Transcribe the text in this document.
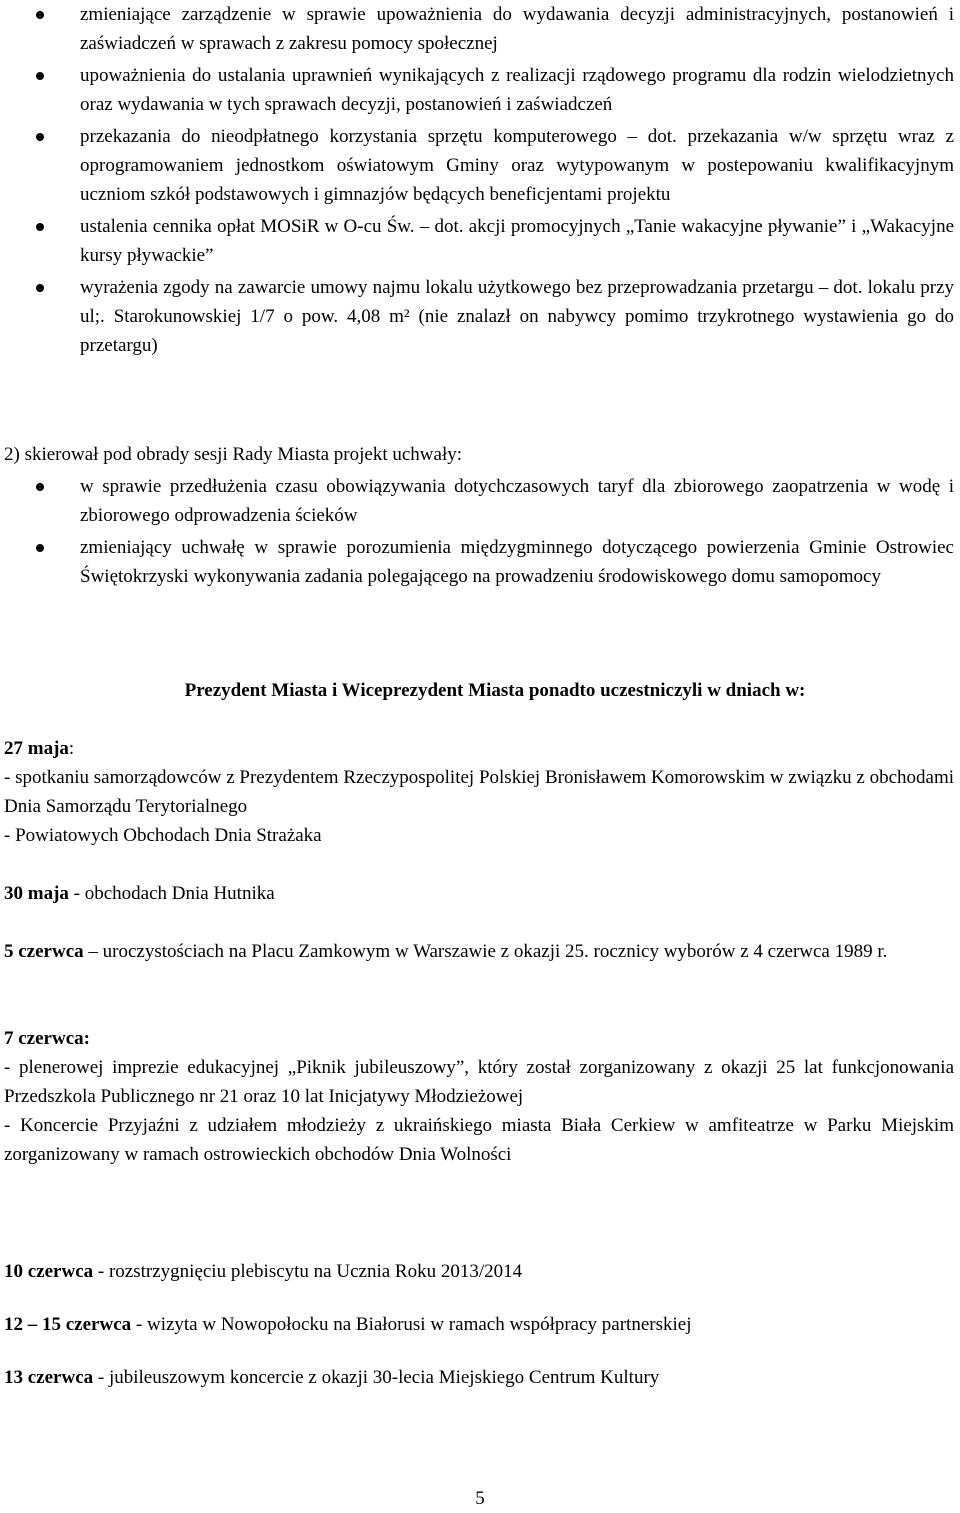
zmieniające zarządzenie w sprawie upoważnienia do wydawania decyzji administracyjnych, postanowień i zaświadczeń w sprawach z zakresu pomocy społecznej
upoważnienia do ustalania uprawnień wynikających z realizacji rządowego programu dla rodzin wielodzietnych oraz wydawania w tych sprawach decyzji, postanowień i zaświadczeń
przekazania do nieodpłatnego korzystania sprzętu komputerowego – dot. przekazania w/w sprzętu wraz z oprogramowaniem jednostkom oświatowym Gminy oraz wytypowanym w postepowaniu kwalifikacyjnym uczniom szkół podstawowych i gimnazjów będących beneficjentami projektu
ustalenia cennika opłat MOSiR w O-cu Św. – dot. akcji promocyjnych „Tanie wakacyjne pływanie” i „Wakacyjne kursy pływackie”
wyrażenia zgody na zawarcie umowy najmu lokalu użytkowego bez przeprowadzania przetargu – dot. lokalu przy ul;. Starokunowskiej 1/7 o pow. 4,08 m² (nie znalazł on nabywcy pomimo trzykrotnego wystawienia go do przetargu)

2) skierował pod obrady sesji Rady Miasta projekt uchwały:

w sprawie przedłużenia czasu obowiązywania dotychczasowych taryf dla zbiorowego zaopatrzenia w wodę i zbiorowego odprowadzenia ścieków
zmieniający uchwałę w sprawie porozumienia międzygminnego dotyczącego powierzenia Gminie Ostrowiec Świętokrzyski wykonywania zadania polegającego na prowadzeniu środowiskowego domu samopomocy

Prezydent Miasta i Wiceprezydent Miasta ponadto uczestniczyli w dniach w:

27 maja:

- spotkaniu samorządowców z Prezydentem Rzeczypospolitej Polskiej Bronisławem Komorowskim w związku z obchodami Dnia Samorządu Terytorialnego

- Powiatowych Obchodach Dnia Strażaka

30 maja - obchodach Dnia Hutnika

5 czerwca – uroczystościach na Placu Zamkowym w Warszawie z okazji 25. rocznicy wyborów z 4 czerwca 1989 r.

7 czerwca:

- plenerowej imprezie edukacyjnej „Piknik jubileuszowy”, który został zorganizowany z okazji 25 lat funkcjonowania Przedszkola Publicznego nr 21 oraz 10 lat Inicjatywy Młodzieżowej

- Koncercie Przyjaźni z udziałem młodzieży z ukraińskiego miasta Biała Cerkiew w amfiteatrze w Parku Miejskim zorganizowany w ramach ostrowieckich obchodów Dnia Wolności

10 czerwca - rozstrzygnięciu plebiscytu na Ucznia Roku 2013/2014

12 – 15 czerwca - wizyta w Nowopołocku na Białorusi w ramach współpracy partnerskiej

13 czerwca - jubileuszowym koncercie z okazji 30-lecia Miejskiego Centrum Kultury

5
